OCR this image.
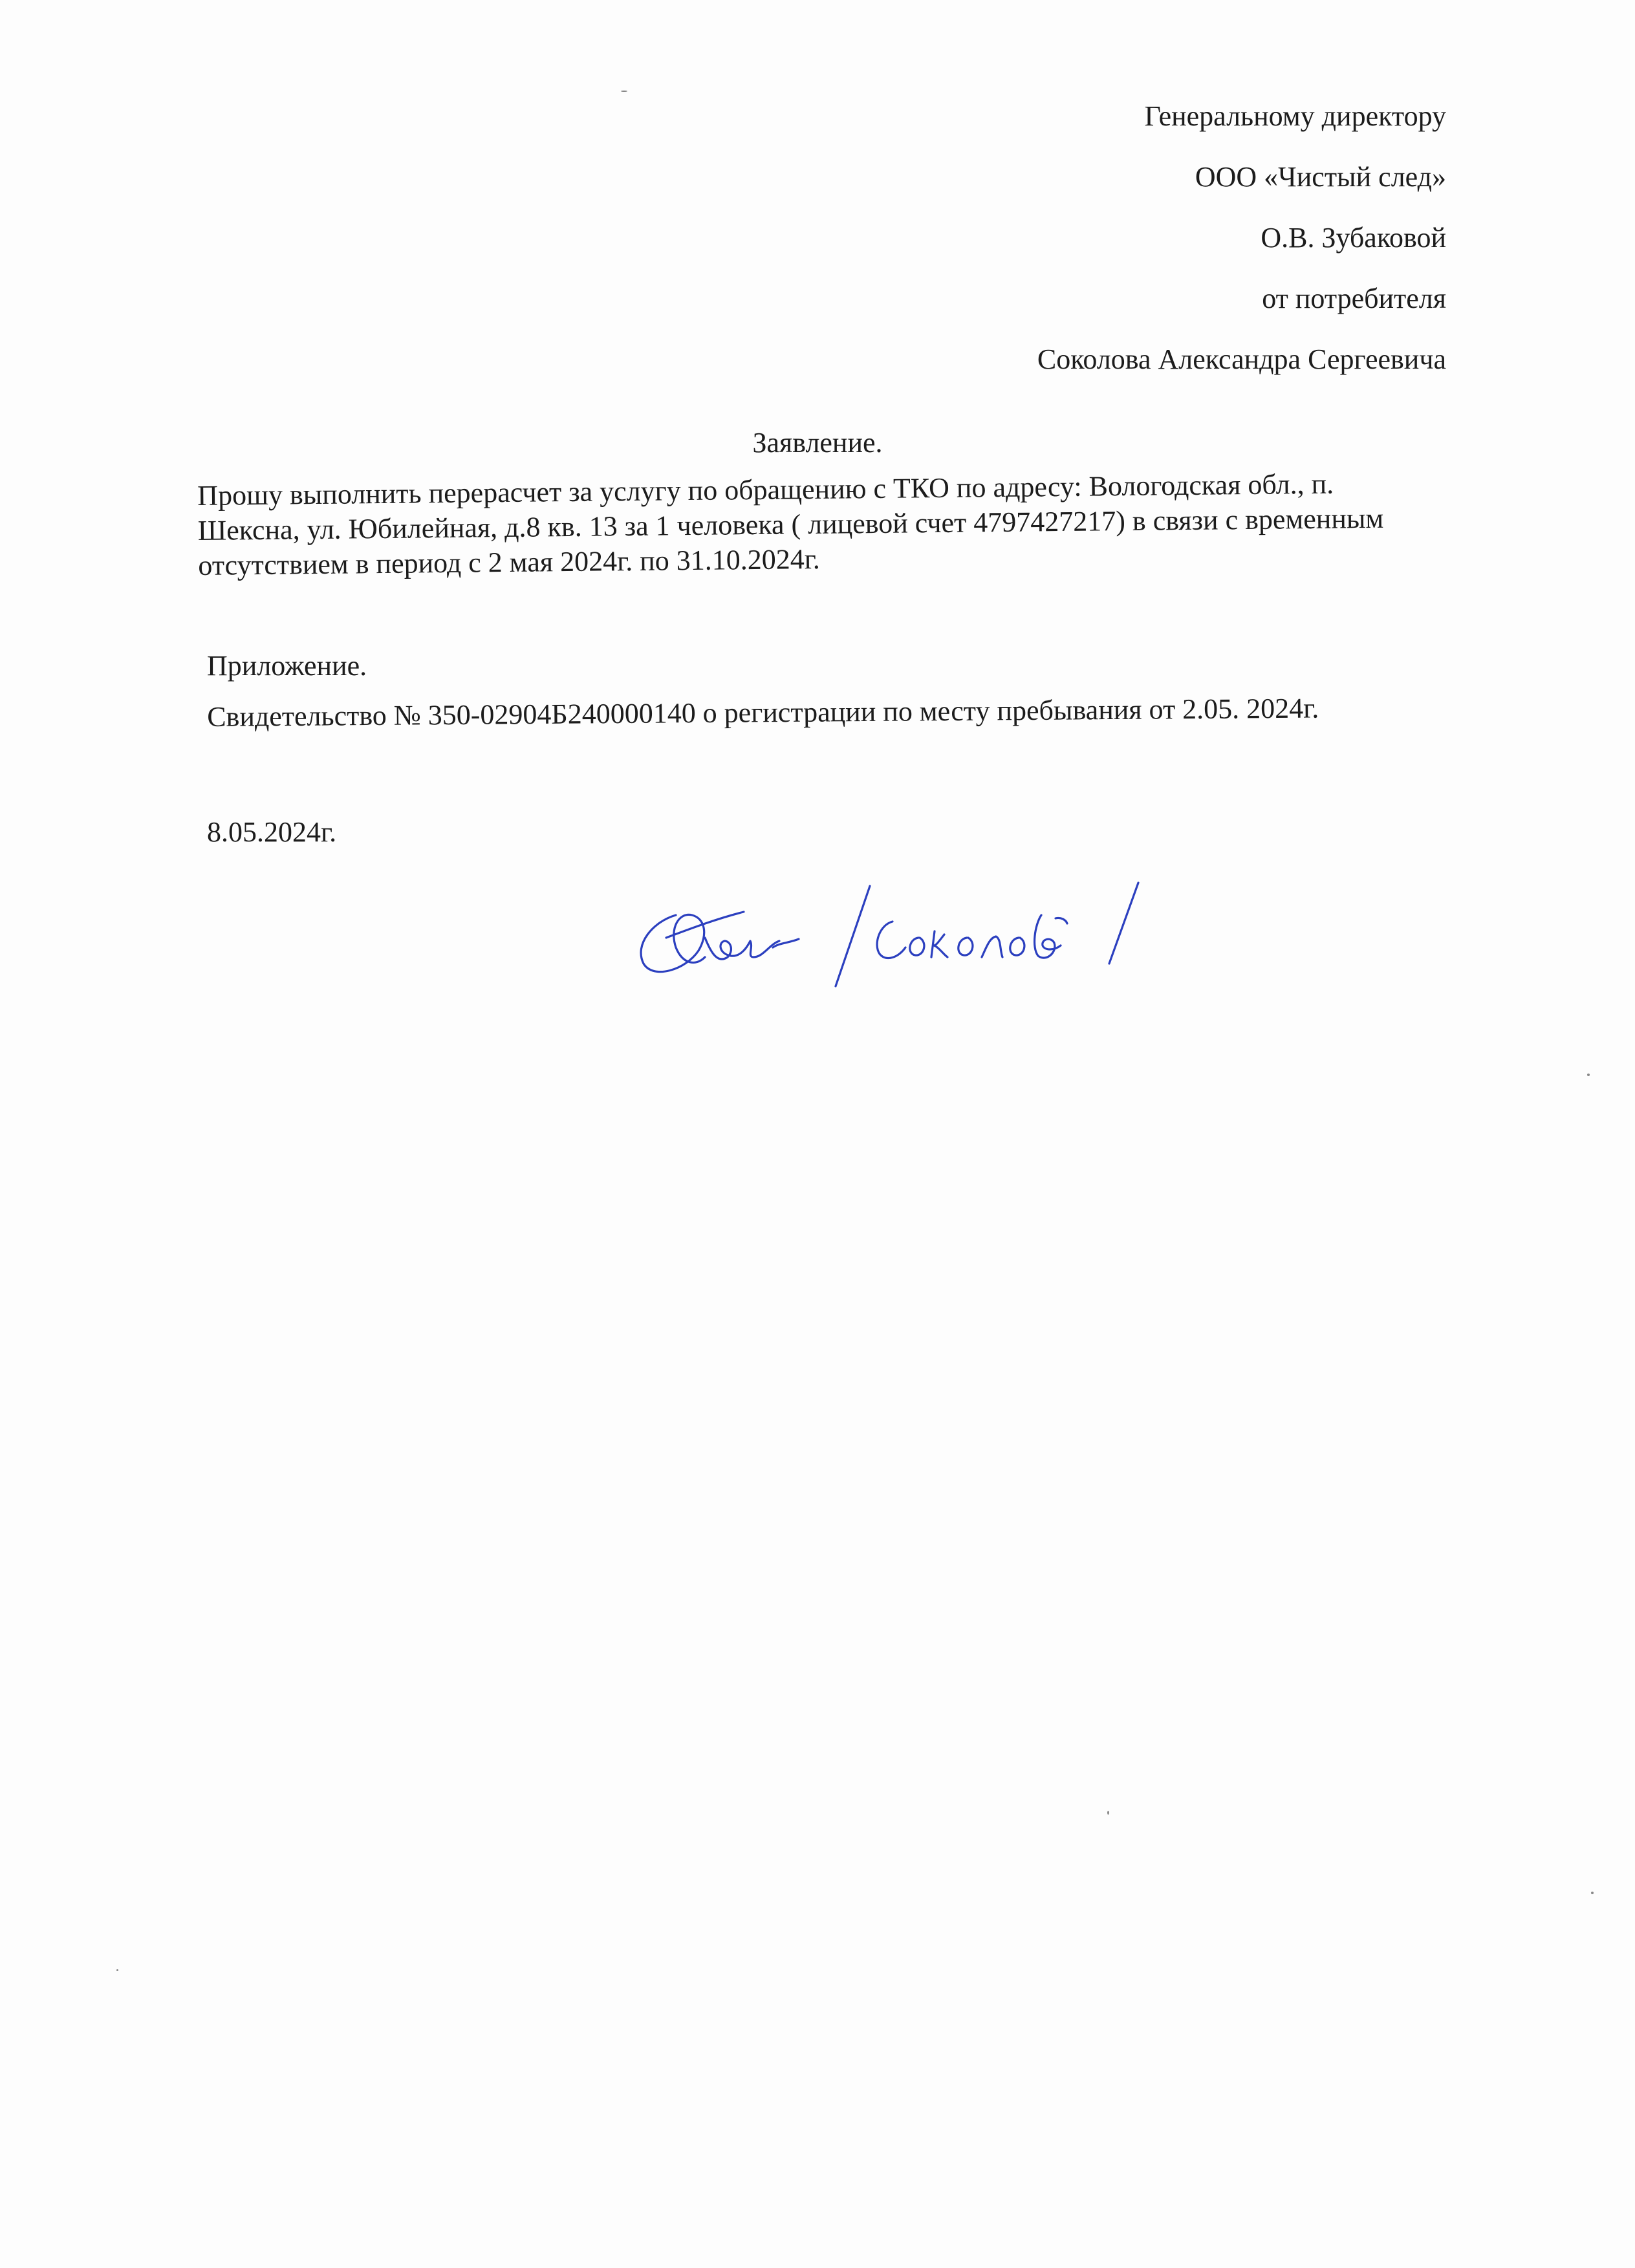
Генеральному директору
ООО «Чистый след»
О.В. Зубаковой
от потребителя
Соколова Александра Сергеевича
Заявление.

Прошу выполнить перерасчет за услугу по обращению с ТКО по адресу: Вологодская обл., п. Шексна, ул. Юбилейная, д.8 кв. 13 за 1 человека ( лицевой счет 4797427217) в связи с временным отсутствием в период с 2 мая 2024г. по 31.10.2024г.

Приложение.
Свидетельство № 350-02904Б240000140 о регистрации по месту пребывания от 2.05. 2024г.
8.05.2024г.
